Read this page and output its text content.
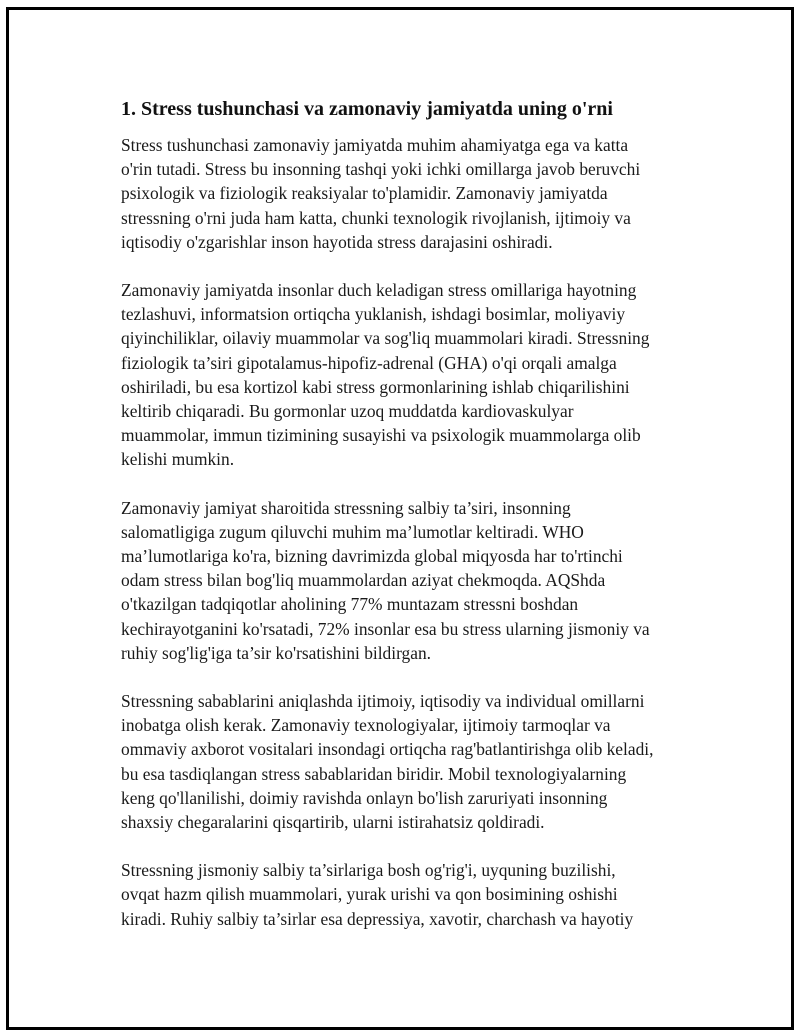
1. Stress tushunchasi va zamonaviy jamiyatda uning o'rni

Stress tushunchasi zamonaviy jamiyatda muhim ahamiyatga ega va katta
o'rin tutadi. Stress bu insonning tashqi yoki ichki omillarga javob beruvchi
psixologik va fiziologik reaksiyalar to'plamidir. Zamonaviy jamiyatda
stressning o'rni juda ham katta, chunki texnologik rivojlanish, ijtimoiy va
iqtisodiy o'zgarishlar inson hayotida stress darajasini oshiradi.

Zamonaviy jamiyatda insonlar duch keladigan stress omillariga hayotning
tezlashuvi, informatsion ortiqcha yuklanish, ishdagi bosimlar, moliyaviy
qiyinchiliklar, oilaviy muammolar va sog'liq muammolari kiradi. Stressning
fiziologik ta’siri gipotalamus-hipofiz-adrenal (GHA) o'qi orqali amalga
oshiriladi, bu esa kortizol kabi stress gormonlarining ishlab chiqarilishini
keltirib chiqaradi. Bu gormonlar uzoq muddatda kardiovaskulyar
muammolar, immun tizimining susayishi va psixologik muammolarga olib
kelishi mumkin.

Zamonaviy jamiyat sharoitida stressning salbiy ta’siri, insonning
salomatligiga zugum qiluvchi muhim ma’lumotlar keltiradi. WHO
ma’lumotlariga ko'ra, bizning davrimizda global miqyosda har to'rtinchi
odam stress bilan bog'liq muammolardan aziyat chekmoqda. AQShda
o'tkazilgan tadqiqotlar aholining 77% muntazam stressni boshdan
kechirayotganini ko'rsatadi, 72% insonlar esa bu stress ularning jismoniy va
ruhiy sog'lig'iga ta’sir ko'rsatishini bildirgan.

Stressning sabablarini aniqlashda ijtimoiy, iqtisodiy va individual omillarni
inobatga olish kerak. Zamonaviy texnologiyalar, ijtimoiy tarmoqlar va
ommaviy axborot vositalari insondagi ortiqcha rag'batlantirishga olib keladi,
bu esa tasdiqlangan stress sabablaridan biridir. Mobil texnologiyalarning
keng qo'llanilishi, doimiy ravishda onlayn bo'lish zaruriyati insonning
shaxsiy chegaralarini qisqartirib, ularni istirahatsiz qoldiradi.

Stressning jismoniy salbiy ta’sirlariga bosh og'rig'i, uyquning buzilishi,
ovqat hazm qilish muammolari, yurak urishi va qon bosimining oshishi
kiradi. Ruhiy salbiy ta’sirlar esa depressiya, xavotir, charchash va hayotiy
